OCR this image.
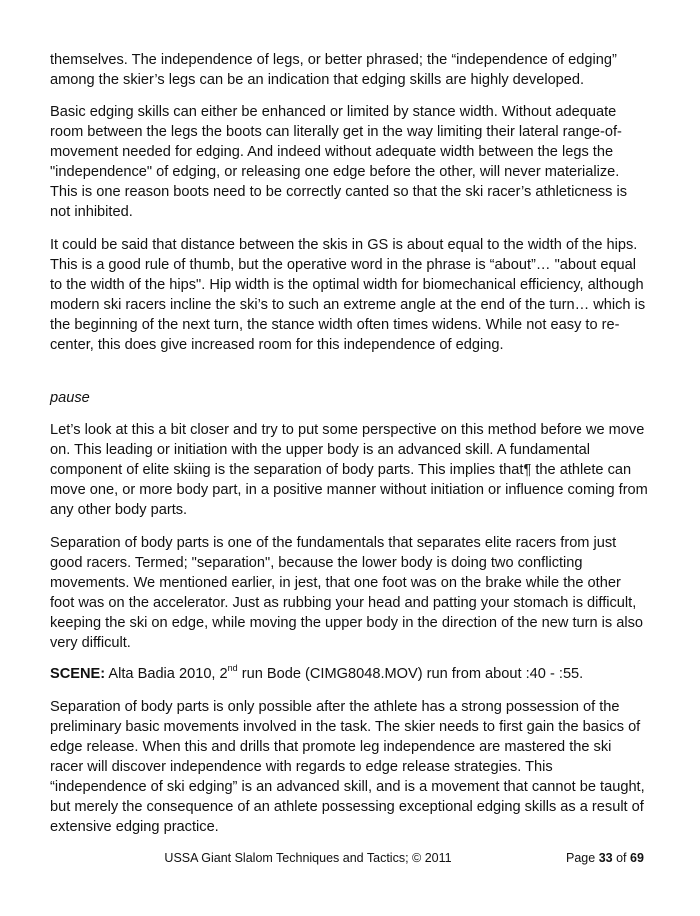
themselves. The independence of legs, or better phrased; the “independence of edging” among the skier’s legs can be an indication that edging skills are highly developed.

Basic edging skills can either be enhanced or limited by stance width. Without adequate room between the legs the boots can literally get in the way limiting their lateral range-of-movement needed for edging. And indeed without adequate width between the legs the "independence" of edging, or releasing one edge before the other, will never materialize. This is one reason boots need to be correctly canted so that the ski racer’s athleticness is not inhibited.

It could be said that distance between the skis in GS is about equal to the width of the hips. This is a good rule of thumb, but the operative word in the phrase is “about”… "about equal to the width of the hips". Hip width is the optimal width for biomechanical efficiency, although modern ski racers incline the ski’s to such an extreme angle at the end of the turn… which is the beginning of the next turn, the stance width often times widens. While not easy to re-center, this does give increased room for this independence of edging.

pause

Let’s look at this a bit closer and try to put some perspective on this method before we move on. This leading or initiation with the upper body is an advanced skill. A fundamental component of elite skiing is the separation of body parts. This implies that¶ the athlete can move one, or more body part, in a positive manner without initiation or influence coming from any other body parts.

Separation of body parts is one of the fundamentals that separates elite racers from just good racers. Termed; "separation", because the lower body is doing two conflicting movements. We mentioned earlier, in jest, that one foot was on the brake while the other foot was on the accelerator. Just as rubbing your head and patting your stomach is difficult, keeping the ski on edge, while moving the upper body in the direction of the new turn is also very difficult.

SCENE: Alta Badia 2010, 2nd run Bode (CIMG8048.MOV) run from about :40 - :55.

Separation of body parts is only possible after the athlete has a strong possession of the preliminary basic movements involved in the task. The skier needs to first gain the basics of edge release. When this and drills that promote leg independence are mastered the ski racer will discover independence with regards to edge release strategies. This “independence of ski edging” is an advanced skill, and is a movement that cannot be taught, but merely the consequence of an athlete possessing exceptional edging skills as a result of extensive edging practice.

USSA Giant Slalom Techniques and Tactics; © 2011	Page 33 of 69
